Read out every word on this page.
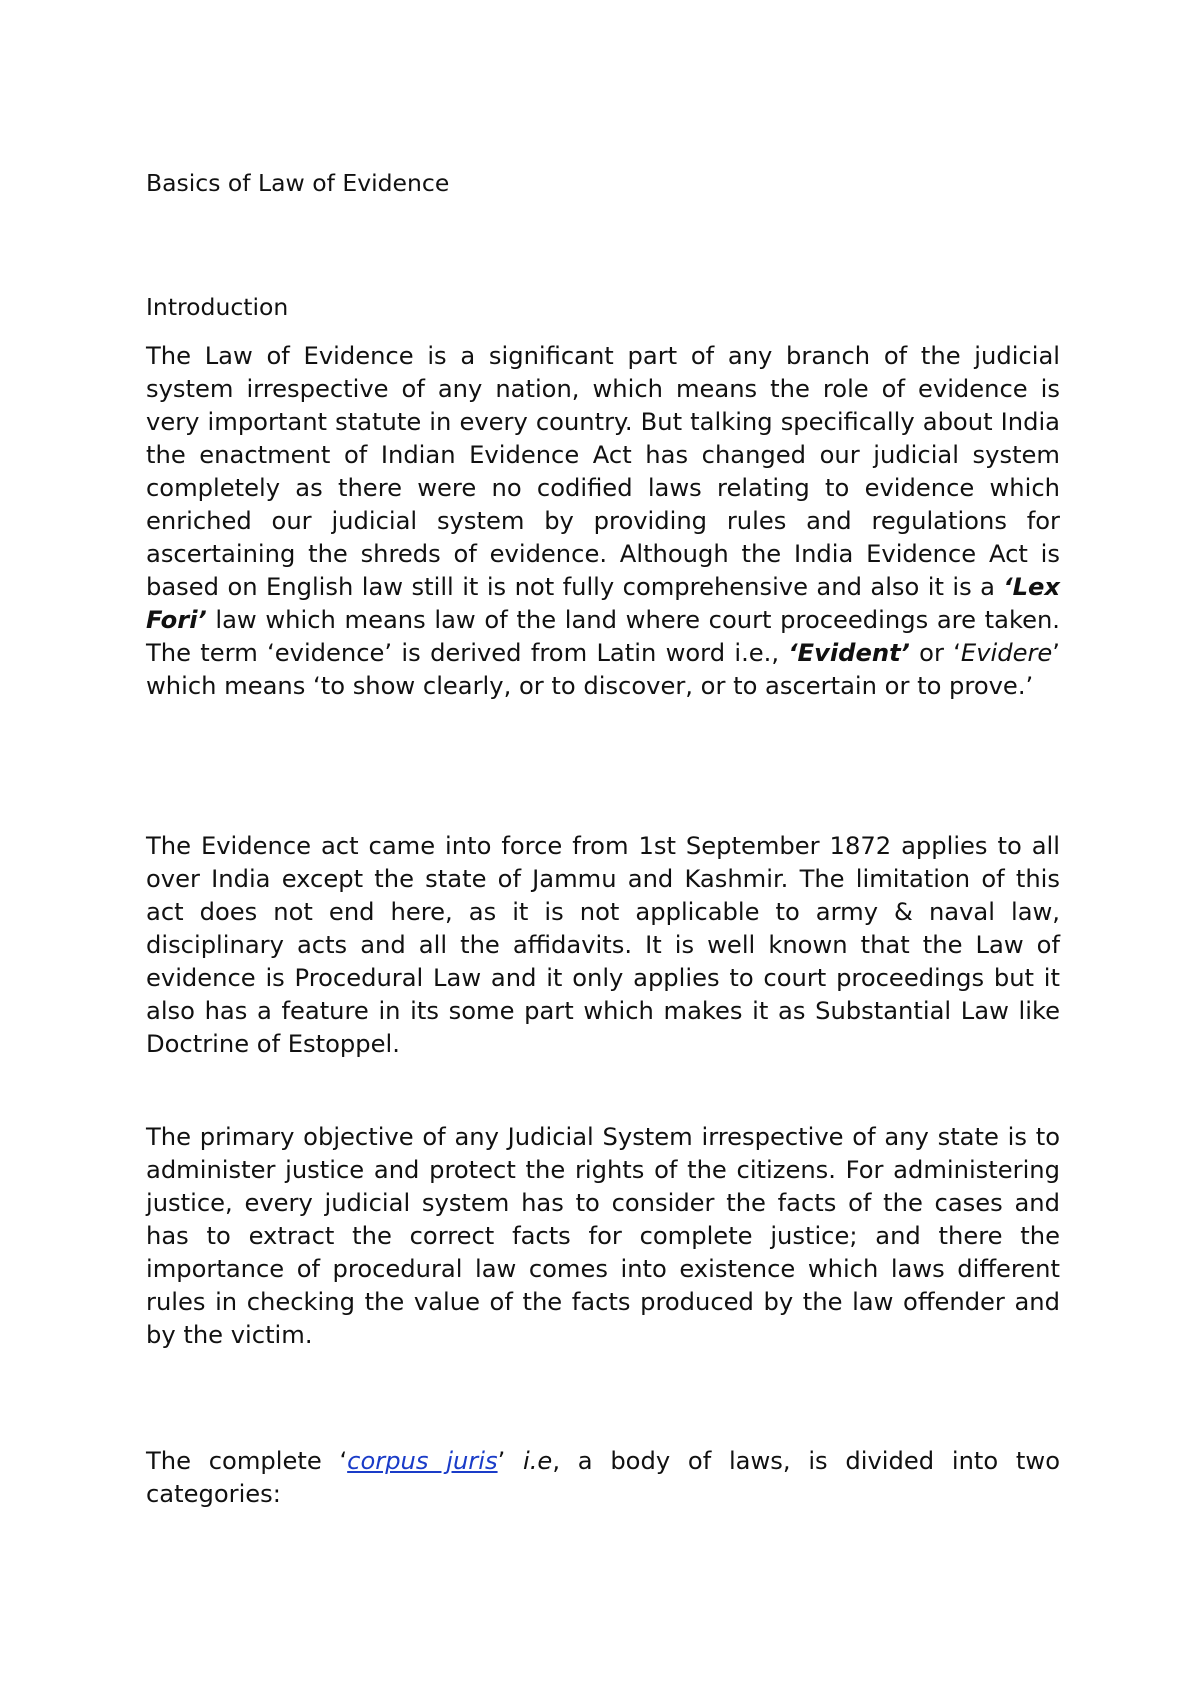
Basics of Law of Evidence
Introduction

The Law of Evidence is a significant part of any branch of the judicial system irrespective of any nation, which means the role of evidence is very important statute in every country. But talking specifically about India the enactment of Indian Evidence Act has changed our judicial system completely as there were no codified laws relating to evidence which enriched our judicial system by providing rules and regulations for ascertaining the shreds of evidence. Although the India Evidence Act is based on English law still it is not fully comprehensive and also it is a ‘Lex Fori’ law which means law of the land where court proceedings are taken. The term ‘evidence’ is derived from Latin word i.e., ‘Evident’ or ‘Evidere’ which means ‘to show clearly, or to discover, or to ascertain or to prove.’

The Evidence act came into force from 1st September 1872 applies to all over India except the state of Jammu and Kashmir. The limitation of this act does not end here, as it is not applicable to army & naval law, disciplinary acts and all the affidavits. It is well known that the Law of evidence is Procedural Law and it only applies to court proceedings but it also has a feature in its some part which makes it as Substantial Law like Doctrine of Estoppel.

The primary objective of any Judicial System irrespective of any state is to administer justice and protect the rights of the citizens. For administering justice, every judicial system has to consider the facts of the cases and has to extract the correct facts for complete justice; and there the importance of procedural law comes into existence which laws different rules in checking the value of the facts produced by the law offender and by the victim.

The complete ‘corpus juris’ i.e, a body of laws, is divided into two categories:
